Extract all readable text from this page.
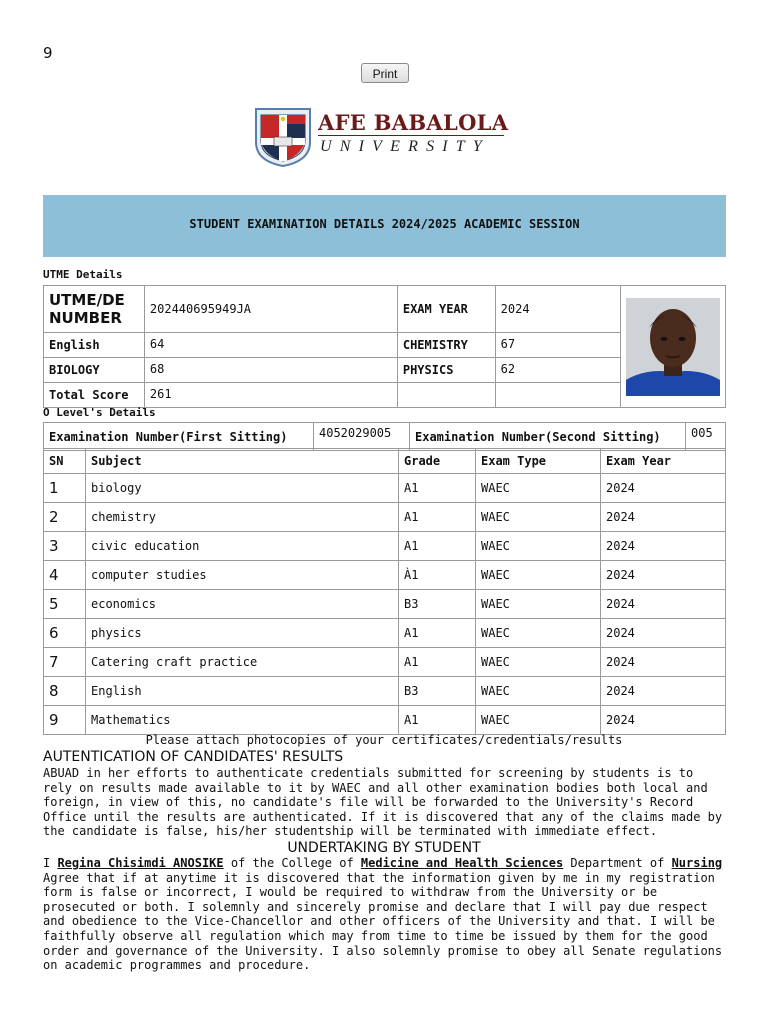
9
Print
AFE BABALOLA
UNIVERSITY
STUDENT EXAMINATION DETAILS 2024/2025 ACADEMIC SESSION
UTME Details
UTME/DE NUMBER	202440695949JA	EXAM YEAR	2024	

English	64	CHEMISTRY	67	
BIOLOGY	68	PHYSICS	62	
Total Score	261			
O Level's Details
Examination Number(First Sitting)	4052029005	Examination Number(Second Sitting)	005
SN	Subject	Grade	Exam Type	Exam Year
1	biology	A1	WAEC	2024
2	chemistry	A1	WAEC	2024
3	civic education	A1	WAEC	2024
4	computer studies	À1	WAEC	2024
5	economics	B3	WAEC	2024
6	physics	A1	WAEC	2024
7	Catering craft practice	A1	WAEC	2024
8	English	B3	WAEC	2024
9	Mathematics	A1	WAEC	2024
Please attach photocopies of your certificates/credentials/results
AUTENTICATION OF CANDIDATES' RESULTS
ABUAD in her efforts to authenticate credentials submitted for screening by students is to rely on results made available to it by WAEC and all other examination bodies both local and foreign, in view of this, no candidate's file will be forwarded to the University's Record Office until the results are authenticated. If it is discovered that any of the claims made by the candidate is false, his/her studentship will be terminated with immediate effect.
UNDERTAKING BY STUDENT
I Regina Chisimdi ANOSIKE of the College of Medicine and Health Sciences Department of Nursing Agree that if at anytime it is discovered that the information given by me in my registration form is false or incorrect, I would be required to withdraw from the University or be prosecuted or both. I solemnly and sincerely promise and declare that I will pay due respect and obedience to the Vice-Chancellor and other officers of the University and that. I will be faithfully observe all regulation which may from time to time be issued by them for the good order and governance of the University. I also solemnly promise to obey all Senate regulations on academic programmes and procedure.
